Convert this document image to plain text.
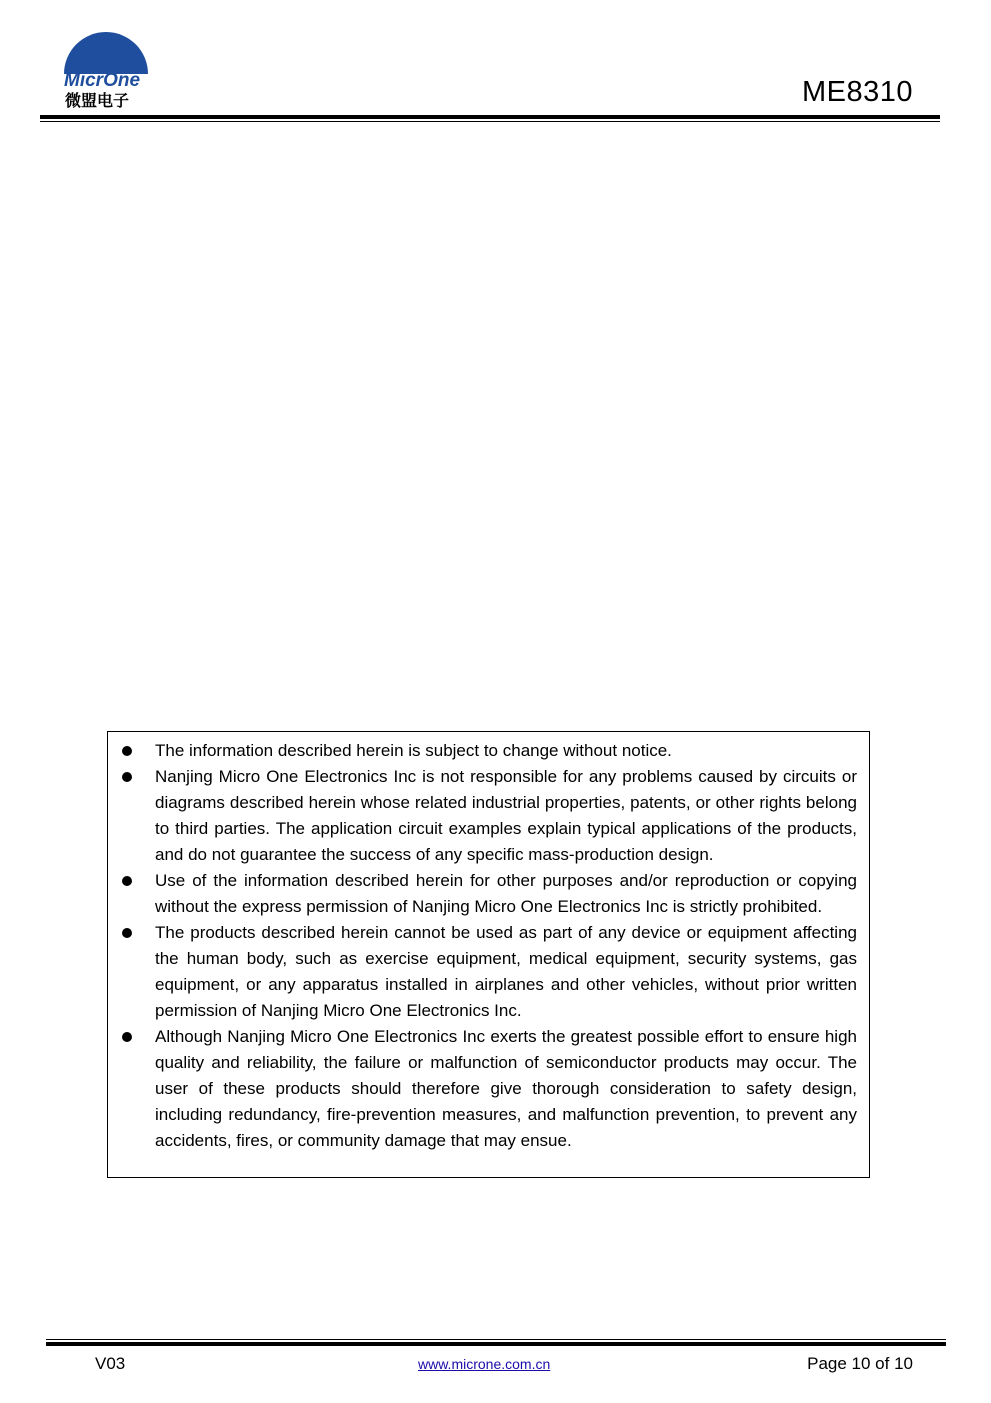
MicrOne
微盟电子	ME8310
The information described herein is subject to change without notice.
Nanjing Micro One Electronics Inc is not responsible for any problems caused by circuits or diagrams described herein whose related industrial properties, patents, or other rights belong to third parties. The application circuit examples explain typical applications of the products, and do not guarantee the success of any specific mass-production design.
Use of the information described herein for other purposes and/or reproduction or copying without the express permission of Nanjing Micro One Electronics Inc is strictly prohibited.
The products described herein cannot be used as part of any device or equipment affecting the human body, such as exercise equipment, medical equipment, security systems, gas equipment, or any apparatus installed in airplanes and other vehicles, without prior written permission of Nanjing Micro One Electronics Inc.
Although Nanjing Micro One Electronics Inc exerts the greatest possible effort to ensure high quality and reliability, the failure or malfunction of semiconductor products may occur. The user of these products should therefore give thorough consideration to safety design, including redundancy, fire-prevention measures, and malfunction prevention, to prevent any accidents, fires, or community damage that may ensue.
V03	www.microne.com.cn	Page 10 of 10
